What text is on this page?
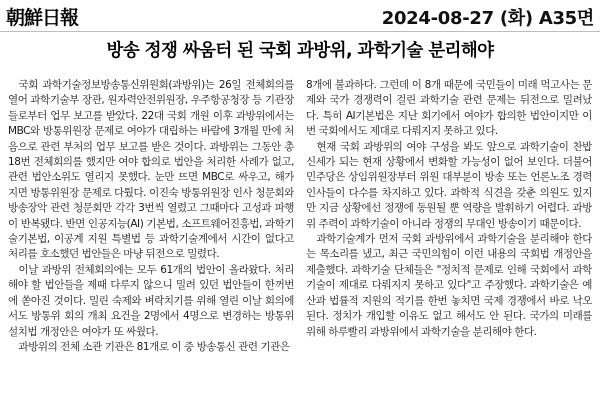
朝鮮日報	2024-08-27 (화) A35면
방송 정쟁 싸움터 된 국회 과방위, 과학기술 분리해야

국회 과학기술정보방송통신위원회(과방위)는 26일 전체회의를 열어 과학기술부 장관, 원자력안전위원장, 우주항공청장 등 기관장들로부터 업무 보고를 받았다. 22대 국회 개원 이후 과방위에서는 MBC와 방통위원장 문제로 여야가 대립하는 바람에 3개월 만에 처음으로 관련 부처의 업무 보고를 받은 것이다. 과방위는 그동안 총 18번 전체회의를 했지만 여야 합의로 법안을 처리한 사례가 없고, 관련 법안소위도 열리지 못했다. 눈만 뜨면 MBC로 싸우고, 해가 지면 방통위원장 문제로 다퉜다. 이진숙 방통위원장 인사 청문회와 방송장악 관련 청문회만 각각 3번씩 열렸고 그때마다 고성과 파행이 반복됐다. 반면 인공지능(AI) 기본법, 소프트웨어진흥법, 과학기술기본법, 이공계 지원 특별법 등 과학기술계에서 시간이 없다고 처리를 호소했던 법안들은 마냥 뒤전으로 밀렸다.

이날 과방위 전체회의에는 모두 61개의 법안이 올라왔다. 처리해야 할 법안들을 제때 다루지 않으니 밀려 있던 법안들이 한꺼번에 쏟아진 것이다. 밀린 숙제와 벼락치기를 위해 열린 이날 회의에서도 방통위 회의 개최 요건을 2명에서 4명으로 변경하는 방통위설치법 개정안은 여야가 또 싸웠다.

과방위의 전체 소관 기관은 81개로 이 중 방송통신 관련 기관은

8개에 불과하다. 그런데 이 8개 때문에 국민들이 미래 먹고사는 문제와 국가 경쟁력이 걸린 과학기술 관련 문제는 뒤전으로 밀려났다. 특히 AI기본법은 지난 회기에서 여야가 합의한 법안이지만 이번 국회에서도 제대로 다뤄지지 못하고 있다.

현재 국회 과방위의 여야 구성을 봐도 앞으로 과학기술이 찬밥 신세가 되는 현재 상황에서 변화할 가능성이 없어 보인다. 더불어민주당은 상임위원장부터 위원 대부분이 방송 또는 언론노조 경력 인사들이 다수를 차지하고 있다. 과학적 식견을 갖춘 의원도 있지만 지금 상황에선 정쟁에 동원될 뿐 역량을 발휘하기 어렵다. 과방위 주력이 과학기술이 아니라 정쟁의 무대인 방송이기 때문이다.

과학기술계가 먼저 국회 과방위에서 과학기술을 분리해야 한다는 목소리를 냈고, 최근 국민의힘이 이런 내용의 국회법 개정안을 제출했다. 과학기술 단체들은 "정치적 문제로 인해 국회에서 과학기술이 제대로 다뤄지지 못하고 있다"고 주장했다. 과학기술은 예산과 법률적 지원의 적기를 한번 놓치면 국제 경쟁에서 바로 낙오된다. 정치가 개입할 이유도 없고 해서도 안 된다. 국가의 미래를 위해 하루빨리 과방위에서 과학기술을 분리해야 한다.
